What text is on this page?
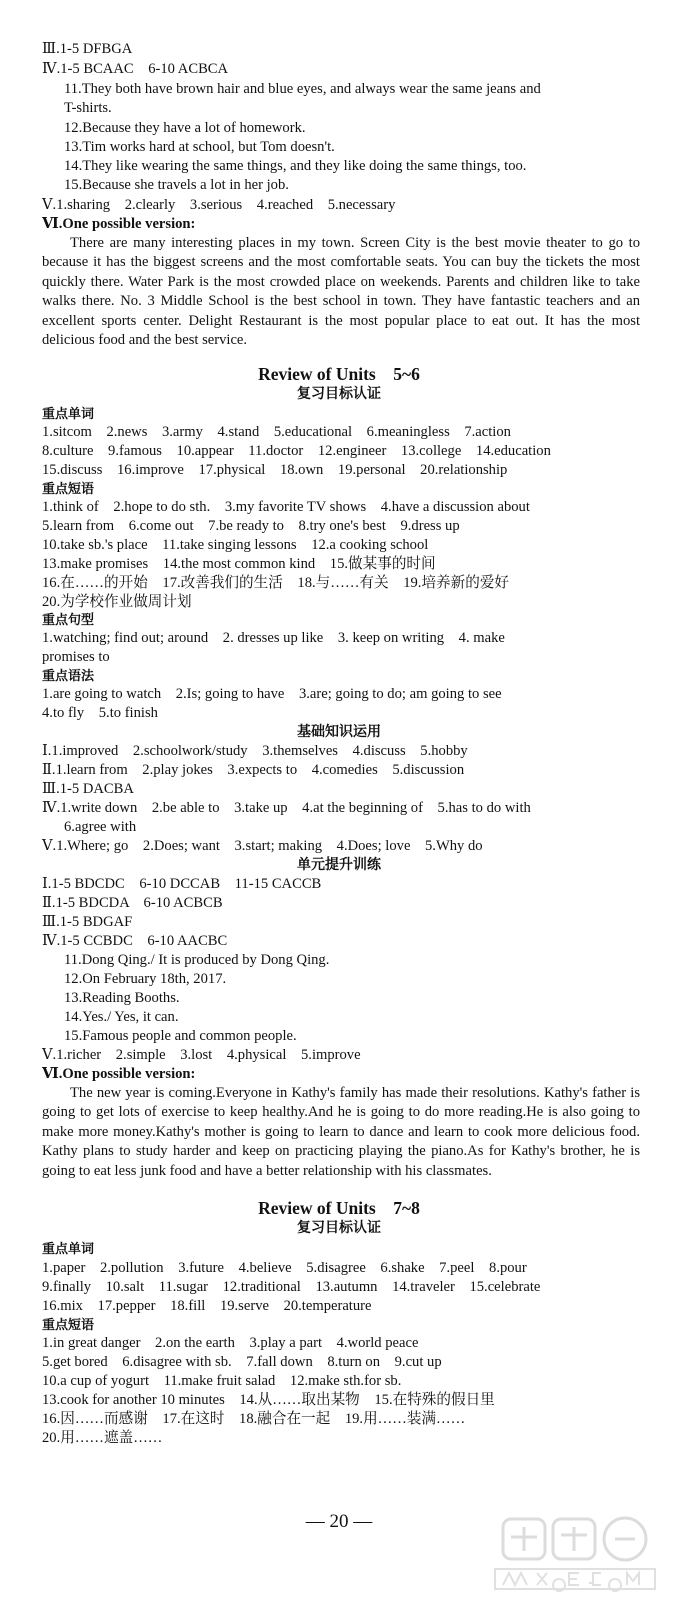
Ⅲ.1-5 DFBGA
Ⅳ.1-5 BCAAC　6-10 ACBCA
11.They both have brown hair and blue eyes, and always wear the same jeans and
T-shirts.
12.Because they have a lot of homework.
13.Tim works hard at school, but Tom doesn't.
14.They like wearing the same things, and they like doing the same things, too.
15.Because she travels a lot in her job.
Ⅴ.1.sharing　2.clearly　3.serious　4.reached　5.necessary
Ⅵ.One possible version:
There are many interesting places in my town. Screen City is the best movie theater to go to because it has the biggest screens and the most comfortable seats. You can buy the tickets the most quickly there. Water Park is the most crowded place on weekends. Parents and children like to take walks there. No. 3 Middle School is the best school in town. They have fantastic teachers and an excellent sports center. Delight Restaurant is the most popular place to eat out. It has the most delicious food and the best service.
Review of Units　5~6
复习目标认证
重点单词
1.sitcom　2.news　3.army　4.stand　5.educational　6.meaningless　7.action
8.culture　9.famous　10.appear　11.doctor　12.engineer　13.college　14.education
15.discuss　16.improve　17.physical　18.own　19.personal　20.relationship
重点短语
1.think of　2.hope to do sth.　3.my favorite TV shows　4.have a discussion about
5.learn from　6.come out　7.be ready to　8.try one's best　9.dress up
10.take sb.'s place　11.take singing lessons　12.a cooking school
13.make promises　14.the most common kind　15.做某事的时间
16.在……的开始　17.改善我们的生活　18.与……有关　19.培养新的爱好
20.为学校作业做周计划
重点句型
1.watching; find out; around　2. dresses up like　3. keep on writing　4. make
promises to
重点语法
1.are going to watch　2.Is; going to have　3.are; going to do; am going to see
4.to fly　5.to finish
基础知识运用
Ⅰ.1.improved　2.schoolwork/study　3.themselves　4.discuss　5.hobby
Ⅱ.1.learn from　2.play jokes　3.expects to　4.comedies　5.discussion
Ⅲ.1-5 DACBA
Ⅳ.1.write down　2.be able to　3.take up　4.at the beginning of　5.has to do with
6.agree with
Ⅴ.1.Where; go　2.Does; want　3.start; making　4.Does; love　5.Why do
单元提升训练
Ⅰ.1-5 BDCDC　6-10 DCCAB　11-15 CACCB
Ⅱ.1-5 BDCDA　6-10 ACBCB
Ⅲ.1-5 BDGAF
Ⅳ.1-5 CCBDC　6-10 AACBC
11.Dong Qing./ It is produced by Dong Qing.
12.On February 18th, 2017.
13.Reading Booths.
14.Yes./ Yes, it can.
15.Famous people and common people.
Ⅴ.1.richer　2.simple　3.lost　4.physical　5.improve
Ⅵ.One possible version:
The new year is coming.Everyone in Kathy's family has made their resolutions. Kathy's father is going to get lots of exercise to keep healthy.And he is going to do more reading.He is also going to make more money.Kathy's mother is going to learn to dance and learn to cook more delicious food. Kathy plans to study harder and keep on practicing playing the piano.As for Kathy's brother, he is going to eat less junk food and have a better relationship with his classmates.
Review of Units　7~8
复习目标认证
重点单词
1.paper　2.pollution　3.future　4.believe　5.disagree　6.shake　7.peel　8.pour
9.finally　10.salt　11.sugar　12.traditional　13.autumn　14.traveler　15.celebrate
16.mix　17.pepper　18.fill　19.serve　20.temperature
重点短语
1.in great danger　2.on the earth　3.play a part　4.world peace
5.get bored　6.disagree with sb.　7.fall down　8.turn on　9.cut up
10.a cup of yogurt　11.make fruit salad　12.make sth.for sb.
13.cook for another 10 minutes　14.从……取出某物　15.在特殊的假日里
16.因……而感谢　17.在这时　18.融合在一起　19.用……装满……
20.用……遮盖……
— 20 —
